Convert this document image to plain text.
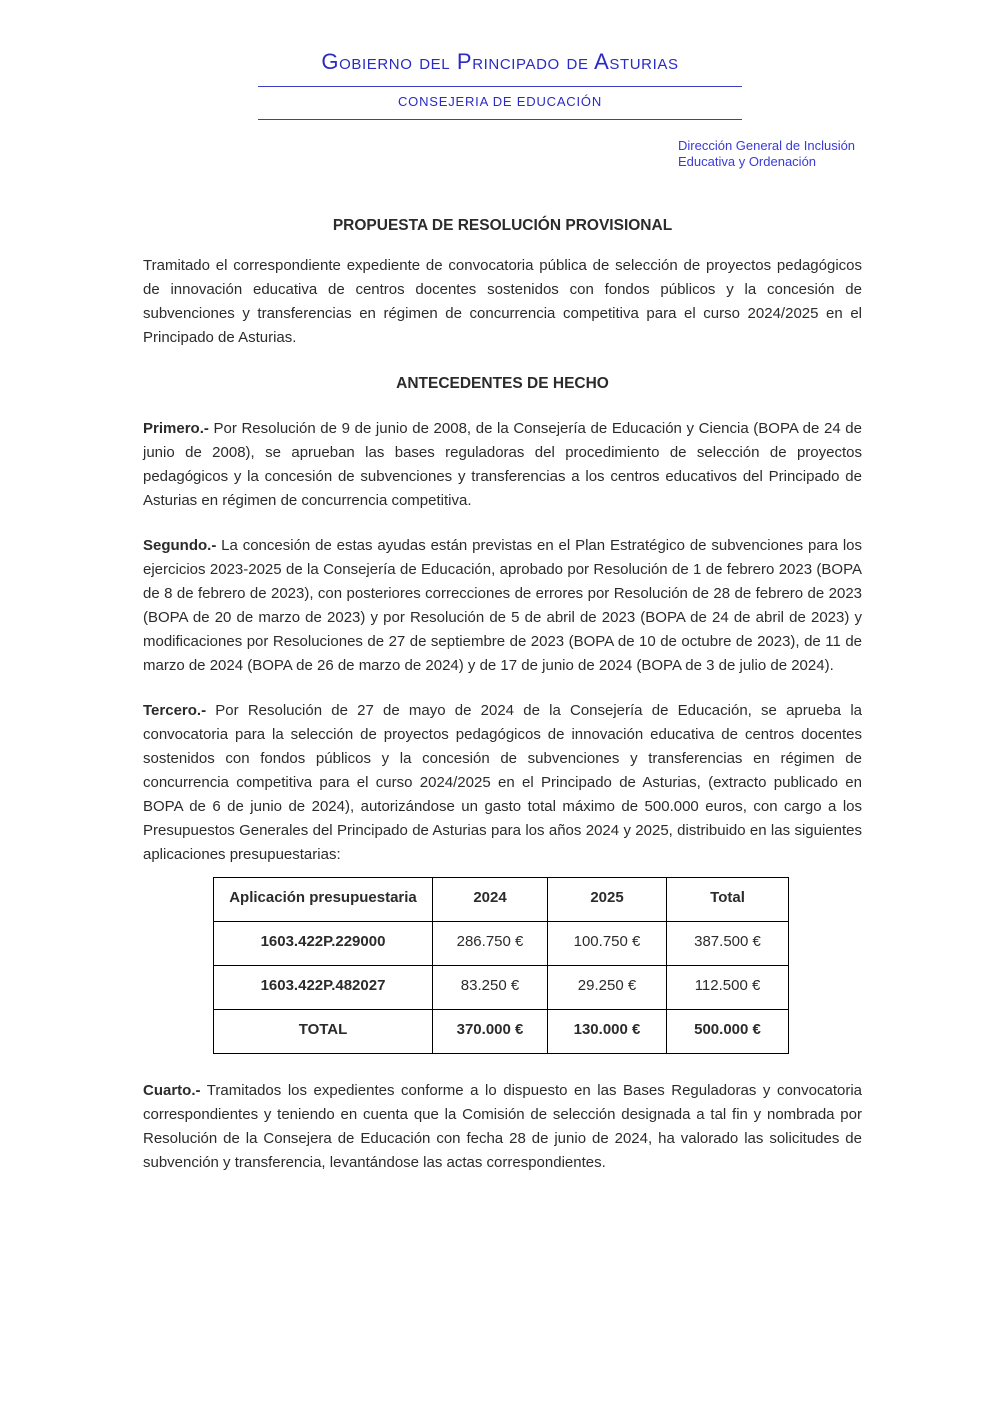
Gobierno del Principado de Asturias
CONSEJERIA DE EDUCACIÓN
Dirección General de Inclusión
Educativa y Ordenación
PROPUESTA DE RESOLUCIÓN PROVISIONAL

Tramitado el correspondiente expediente de convocatoria pública de selección de proyectos pedagógicos de innovación educativa de centros docentes sostenidos con fondos públicos y la concesión de subvenciones y transferencias en régimen de concurrencia competitiva para el curso 2024/2025 en el Principado de Asturias.

ANTECEDENTES DE HECHO

Primero.- Por Resolución de 9 de junio de 2008, de la Consejería de Educación y Ciencia (BOPA de 24 de junio de 2008), se aprueban las bases reguladoras del procedimiento de selección de proyectos pedagógicos y la concesión de subvenciones y transferencias a los centros educativos del Principado de Asturias en régimen de concurrencia competitiva.

Segundo.- La concesión de estas ayudas están previstas en el Plan Estratégico de subvenciones para los ejercicios 2023-2025 de la Consejería de Educación, aprobado por Resolución de 1 de febrero 2023 (BOPA de 8 de febrero de 2023), con posteriores correcciones de errores por Resolución de 28 de febrero de 2023 (BOPA de 20 de marzo de 2023) y por Resolución de 5 de abril de 2023 (BOPA de 24 de abril de 2023) y modificaciones por Resoluciones de 27 de septiembre de 2023 (BOPA de 10 de octubre de 2023), de 11 de marzo de 2024 (BOPA de 26 de marzo de 2024) y de 17 de junio de 2024 (BOPA de 3 de julio de 2024).

Tercero.- Por Resolución de 27 de mayo de 2024 de la Consejería de Educación, se aprueba la convocatoria para la selección de proyectos pedagógicos de innovación educativa de centros docentes sostenidos con fondos públicos y la concesión de subvenciones y transferencias en régimen de concurrencia competitiva para el curso 2024/2025 en el Principado de Asturias, (extracto publicado en BOPA de 6 de junio de 2024), autorizándose un gasto total máximo de 500.000 euros, con cargo a los Presupuestos Generales del Principado de Asturias para los años 2024 y 2025, distribuido en las siguientes aplicaciones presupuestarias:

Aplicación presupuestaria	2024	2025	Total
1603.422P.229000	286.750 €	100.750 €	387.500 €
1603.422P.482027	83.250 €	29.250 €	112.500 €
TOTAL	370.000 €	130.000 €	500.000 €

Cuarto.- Tramitados los expedientes conforme a lo dispuesto en las Bases Reguladoras y convocatoria correspondientes y teniendo en cuenta que la Comisión de selección designada a tal fin y nombrada por Resolución de la Consejera de Educación con fecha 28 de junio de 2024, ha valorado las solicitudes de subvención y transferencia, levantándose las actas correspondientes.
